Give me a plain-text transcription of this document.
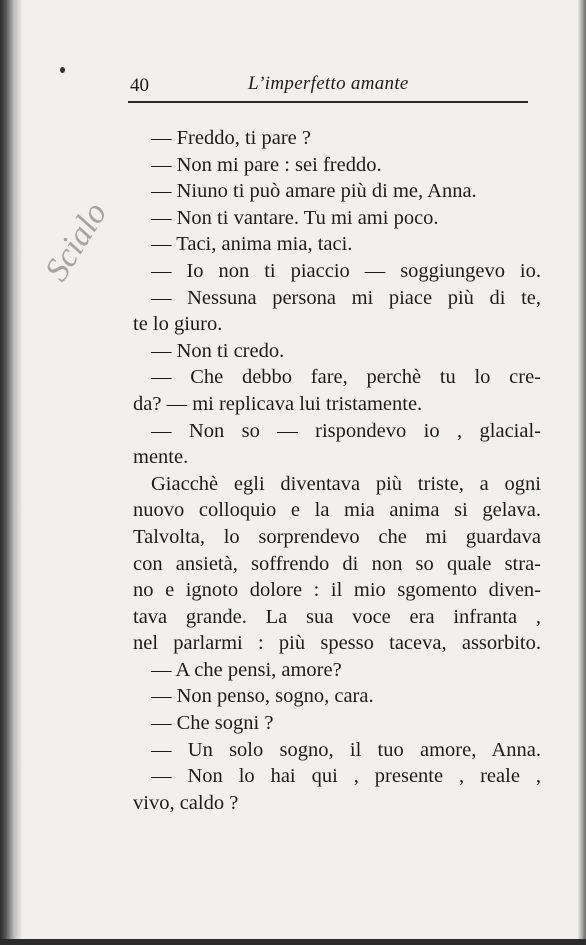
Scialo
40	L’imperfetto amante
— Freddo, ti pare ?
— Non mi pare : sei freddo.
— Niuno ti può amare più di me, Anna.
— Non ti vantare. Tu mi ami poco.
— Taci, anima mia, taci.
— Io non ti piaccio — soggiungevo io.
— Nessuna persona mi piace più di te,
te lo giuro.
— Non ti credo.
— Che debbo fare, perchè tu lo cre-
da? — mi replicava lui tristamente.
— Non so — rispondevo io , glacial-
mente.
Giacchè egli diventava più triste, a ogni
nuovo colloquio e la mia anima si gelava.
Talvolta, lo sorprendevo che mi guardava
con ansietà, soffrendo di non so quale stra-
no e ignoto dolore : il mio sgomento diven-
tava grande. La sua voce era infranta ,
nel parlarmi : più spesso taceva, assorbito.
— A che pensi, amore?
— Non penso, sogno, cara.
— Che sogni ?
— Un solo sogno, il tuo amore, Anna.
— Non lo hai qui , presente , reale ,
vivo, caldo ?
